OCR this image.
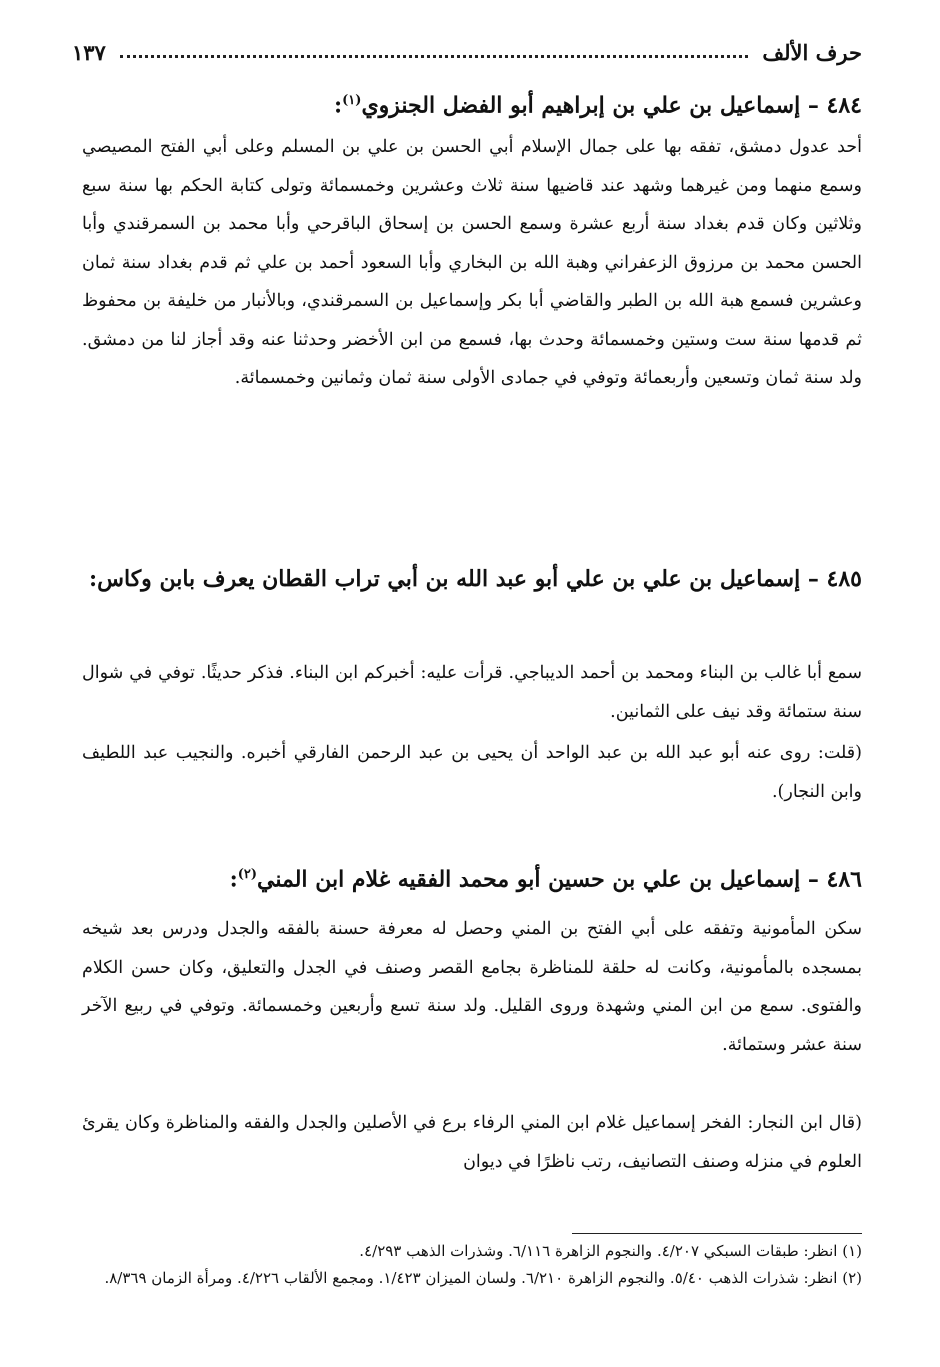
حرف الألف
١٣٧
٤٨٤ – إسماعيل بن علي بن إبراهيم أبو الفضل الجنزوي$^{(١)}$:

أحد عدول دمشق، تفقه بها على جمال الإسلام أبي الحسن بن علي بن المسلم وعلى أبي الفتح المصيصي وسمع منهما ومن غيرهما وشهد عند قاضيها سنة ثلاث وعشرين وخمسمائة وتولى كتابة الحكم بها سنة سبع وثلاثين وكان قدم بغداد سنة أربع عشرة وسمع الحسن بن إسحاق الباقرحي وأبا محمد بن السمرقندي وأبا الحسن محمد بن مرزوق الزعفراني وهبة الله بن البخاري وأبا السعود أحمد بن علي ثم قدم بغداد سنة ثمان وعشرين فسمع هبة الله بن الطبر والقاضي أبا بكر وإسماعيل بن السمرقندي، وبالأنبار من خليفة بن محفوظ ثم قدمها سنة ست وستين وخمسمائة وحدث بها، فسمع من ابن الأخضر وحدثنا عنه وقد أجاز لنا من دمشق. ولد سنة ثمان وتسعين وأربعمائة وتوفي في جمادى الأولى سنة ثمان وثمانين وخمسمائة.

٤٨٥ – إسماعيل بن علي بن علي أبو عبد الله بن أبي تراب القطان يعرف بابن وكاس:

سمع أبا غالب بن البناء ومحمد بن أحمد الديباجي. قرأت عليه: أخبركم ابن البناء. فذكر حديثًا. توفي في شوال سنة ستمائة وقد نيف على الثمانين.

(قلت: روى عنه أبو عبد الله بن عبد الواحد أن يحيى بن عبد الرحمن الفارقي أخبره. والنجيب عبد اللطيف وابن النجار).

٤٨٦ – إسماعيل بن علي بن حسين أبو محمد الفقيه غلام ابن المني$^{(٢)}$:

سكن المأمونية وتفقه على أبي الفتح بن المني وحصل له معرفة حسنة بالفقه والجدل ودرس بعد شيخه بمسجده بالمأمونية، وكانت له حلقة للمناظرة بجامع القصر وصنف في الجدل والتعليق، وكان حسن الكلام والفتوى. سمع من ابن المني وشهدة وروى القليل. ولد سنة تسع وأربعين وخمسمائة. وتوفي في ربيع الآخر سنة عشر وستمائة.

(قال ابن النجار: الفخر إسماعيل غلام ابن المني الرفاء برع في الأصلين والجدل والفقه والمناظرة وكان يقرئ العلوم في منزله وصنف التصانيف، رتب ناظرًا في ديوان

(١) انظر: طبقات السبكي ٤/٢٠٧. والنجوم الزاهرة ٦/١١٦. وشذرات الذهب ٤/٢٩٣.

(٢) انظر: شذرات الذهب ٥/٤٠. والنجوم الزاهرة ٦/٢١٠. ولسان الميزان ١/٤٢٣. ومجمع الألقاب ٤/٢٢٦. ومرأة الزمان ٨/٣٦٩.
